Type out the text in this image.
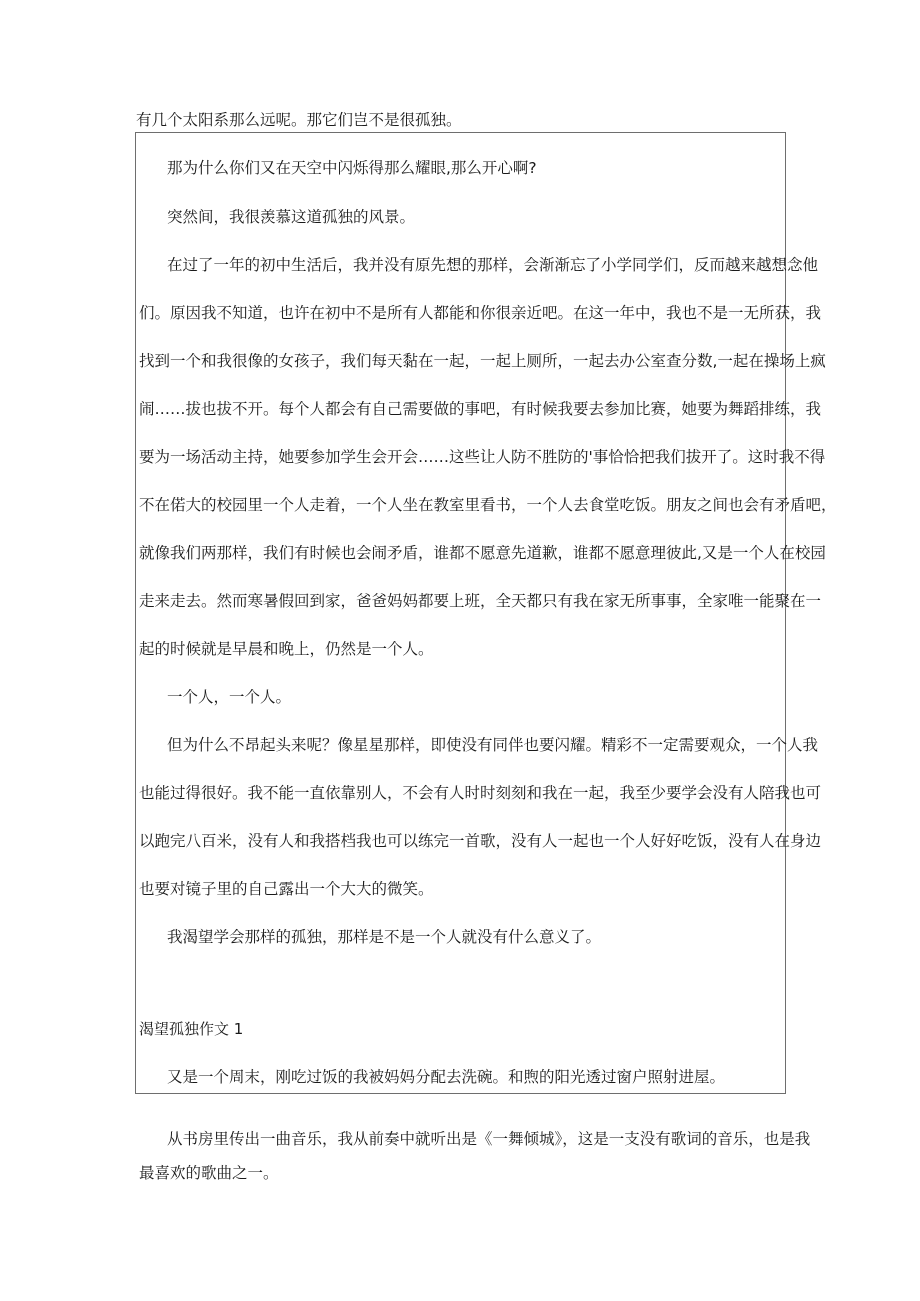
有几个太阳系那么远呢。那它们岂不是很孤独。

那为什么你们又在天空中闪烁得那么耀眼,那么开心啊?

突然间，我很羡慕这道孤独的风景。

在过了一年的初中生活后，我并没有原先想的那样，会渐渐忘了小学同学们，反而越来越想念他

们。原因我不知道，也许在初中不是所有人都能和你很亲近吧。在这一年中，我也不是一无所获，我

找到一个和我很像的女孩子，我们每天黏在一起，一起上厕所，一起去办公室查分数,一起在操场上疯

闹……拔也拔不开。每个人都会有自己需要做的事吧，有时候我要去参加比赛，她要为舞蹈排练，我

要为一场活动主持，她要参加学生会开会……这些让人防不胜防的'事恰恰把我们拔开了。这时我不得

不在偌大的校园里一个人走着，一个人坐在教室里看书，一个人去食堂吃饭。朋友之间也会有矛盾吧，

就像我们两那样，我们有时候也会闹矛盾，谁都不愿意先道歉，谁都不愿意理彼此,又是一个人在校园

走来走去。然而寒暑假回到家，爸爸妈妈都要上班，全天都只有我在家无所事事，全家唯一能聚在一

起的时候就是早晨和晚上，仍然是一个人。

一个人，一个人。

但为什么不昂起头来呢？像星星那样，即使没有同伴也要闪耀。精彩不一定需要观众，一个人我

也能过得很好。我不能一直依靠别人，不会有人时时刻刻和我在一起，我至少要学会没有人陪我也可

以跑完八百米，没有人和我搭档我也可以练完一首歌，没有人一起也一个人好好吃饭，没有人在身边

也要对镜子里的自己露出一个大大的微笑。

我渴望学会那样的孤独，那样是不是一个人就没有什么意义了。

渴望孤独作文 1

又是一个周末，刚吃过饭的我被妈妈分配去洗碗。和煦的阳光透过窗户照射进屋。

从书房里传出一曲音乐，我从前奏中就听出是《一舞倾城》，这是一支没有歌词的音乐，也是我

最喜欢的歌曲之一。
